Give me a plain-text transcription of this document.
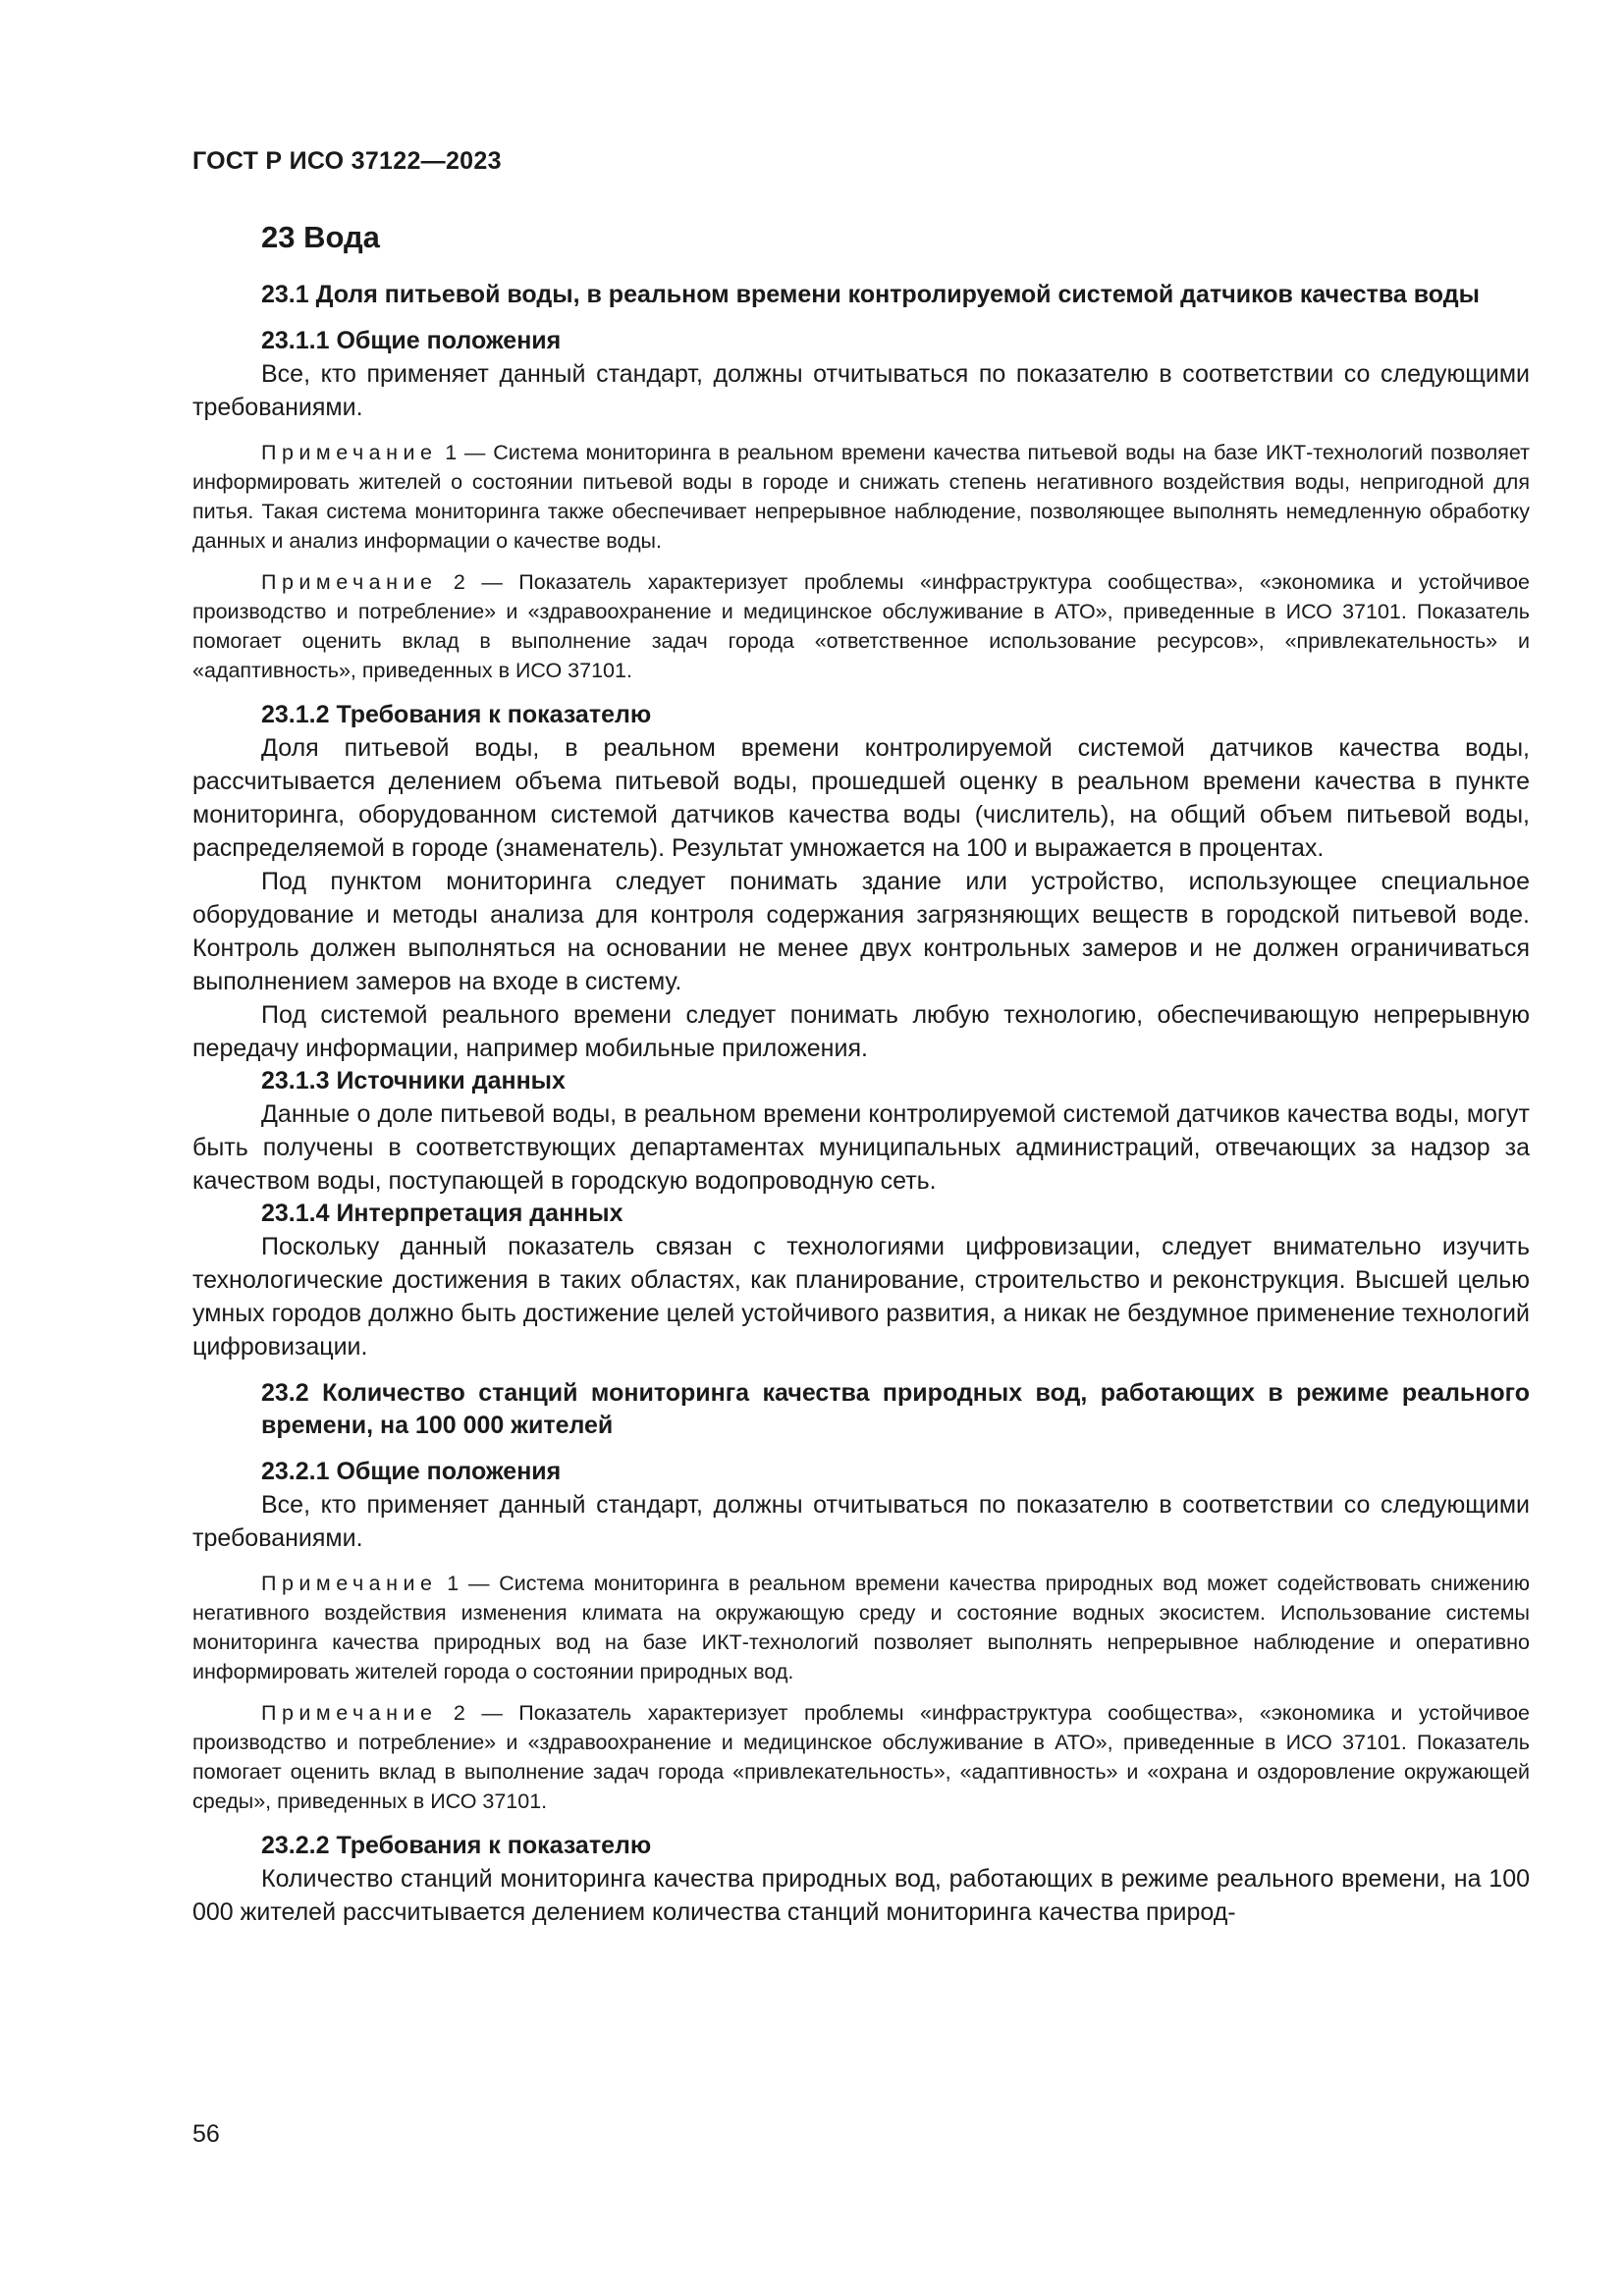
ГОСТ Р ИСО 37122—2023

23 Вода
23.1 Доля питьевой воды, в реальном времени контролируемой системой датчиков качества воды
23.1.1 Общие положения

Все, кто применяет данный стандарт, должны отчитываться по показателю в соответствии со следующими требованиями.

Примечание 1 — Система мониторинга в реальном времени качества питьевой воды на базе ИКТ-технологий позволяет информировать жителей о состоянии питьевой воды в городе и снижать степень негативного воздействия воды, непригодной для питья. Такая система мониторинга также обеспечивает непрерывное наблюдение, позволяющее выполнять немедленную обработку данных и анализ информации о качестве воды.

Примечание 2 — Показатель характеризует проблемы «инфраструктура сообщества», «экономика и устойчивое производство и потребление» и «здравоохранение и медицинское обслуживание в АТО», приведенные в ИСО 37101. Показатель помогает оценить вклад в выполнение задач города «ответственное использование ресурсов», «привлекательность» и «адаптивность», приведенных в ИСО 37101.

23.1.2 Требования к показателю

Доля питьевой воды, в реальном времени контролируемой системой датчиков качества воды, рассчитывается делением объема питьевой воды, прошедшей оценку в реальном времени качества в пункте мониторинга, оборудованном системой датчиков качества воды (числитель), на общий объем питьевой воды, распределяемой в городе (знаменатель). Результат умножается на 100 и выражается в процентах.

Под пунктом мониторинга следует понимать здание или устройство, использующее специальное оборудование и методы анализа для контроля содержания загрязняющих веществ в городской питьевой воде. Контроль должен выполняться на основании не менее двух контрольных замеров и не должен ограничиваться выполнением замеров на входе в систему.

Под системой реального времени следует понимать любую технологию, обеспечивающую непрерывную передачу информации, например мобильные приложения.

23.1.3 Источники данных

Данные о доле питьевой воды, в реальном времени контролируемой системой датчиков качества воды, могут быть получены в соответствующих департаментах муниципальных администраций, отвечающих за надзор за качеством воды, поступающей в городскую водопроводную сеть.

23.1.4 Интерпретация данных

Поскольку данный показатель связан с технологиями цифровизации, следует внимательно изучить технологические достижения в таких областях, как планирование, строительство и реконструкция. Высшей целью умных городов должно быть достижение целей устойчивого развития, а никак не бездумное применение технологий цифровизации.

23.2 Количество станций мониторинга качества природных вод, работающих в режиме реального времени, на 100 000 жителей
23.2.1 Общие положения

Все, кто применяет данный стандарт, должны отчитываться по показателю в соответствии со следующими требованиями.

Примечание 1 — Система мониторинга в реальном времени качества природных вод может содействовать снижению негативного воздействия изменения климата на окружающую среду и состояние водных экосистем. Использование системы мониторинга качества природных вод на базе ИКТ-технологий позволяет выполнять непрерывное наблюдение и оперативно информировать жителей города о состоянии природных вод.

Примечание 2 — Показатель характеризует проблемы «инфраструктура сообщества», «экономика и устойчивое производство и потребление» и «здравоохранение и медицинское обслуживание в АТО», приведенные в ИСО 37101. Показатель помогает оценить вклад в выполнение задач города «привлекательность», «адаптивность» и «охрана и оздоровление окружающей среды», приведенных в ИСО 37101.

23.2.2 Требования к показателю

Количество станций мониторинга качества природных вод, работающих в режиме реального времени, на 100 000 жителей рассчитывается делением количества станций мониторинга качества природ-

56
